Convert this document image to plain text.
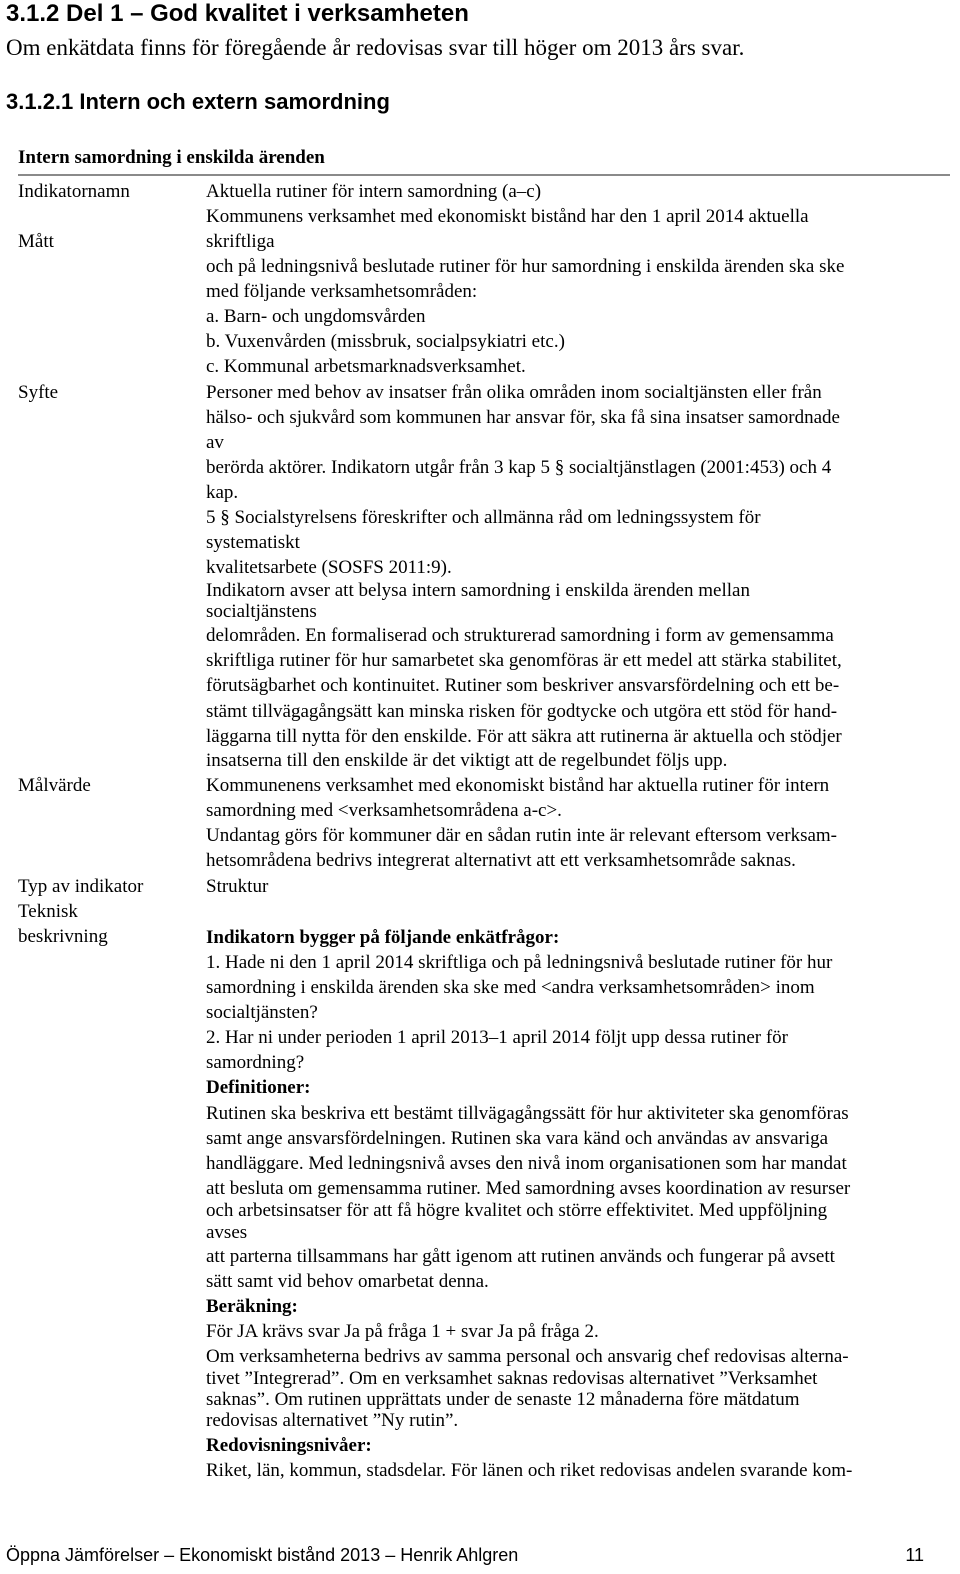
3.1.2 Del 1 – God kvalitet i verksamheten
Om enkätdata finns för föregående år redovisas svar till höger om 2013 års svar.
3.1.2.1 Intern och extern samordning
Intern samordning i enskilda ärenden
Indikatornamn
Mått
Syfte
Målvärde
Typ av indikator
Teknisk
beskrivning
Aktuella rutiner för intern samordning (a–c)
Kommunens verksamhet med ekonomiskt bistånd har den 1 april 2014 aktuella
skriftliga
och på ledningsnivå beslutade rutiner för hur samordning i enskilda ärenden ska ske
med följande verksamhetsområden:
a. Barn- och ungdomsvården
b. Vuxenvården (missbruk, socialpsykiatri etc.)
c. Kommunal arbetsmarknadsverksamhet.
Personer med behov av insatser från olika områden inom socialtjänsten eller från
hälso- och sjukvård som kommunen har ansvar för, ska få sina insatser samordnade
av
berörda aktörer. Indikatorn utgår från 3 kap 5 § socialtjänstlagen (2001:453) och 4
kap.
5 § Socialstyrelsens föreskrifter och allmänna råd om ledningssystem för
systematiskt
kvalitetsarbete (SOSFS 2011:9).
Indikatorn avser att belysa intern samordning i enskilda ärenden mellan
socialtjänstens
delområden. En formaliserad och strukturerad samordning i form av gemensamma
skriftliga rutiner för hur samarbetet ska genomföras är ett medel att stärka stabilitet,
förutsägbarhet och kontinuitet. Rutiner som beskriver ansvarsfördelning och ett be-
stämt tillvägagångsätt kan minska risken för godtycke och utgöra ett stöd för hand-
läggarna till nytta för den enskilde. För att säkra att rutinerna är aktuella och stödjer
insatserna till den enskilde är det viktigt att de regelbundet följs upp.
Kommunenens verksamhet med ekonomiskt bistånd har aktuella rutiner för intern
samordning med <verksamhetsområdena a-c>.
Undantag görs för kommuner där en sådan rutin inte är relevant eftersom verksam-
hetsområdena bedrivs integrerat alternativt att ett verksamhetsområde saknas.
Struktur
Indikatorn bygger på följande enkätfrågor:
1. Hade ni den 1 april 2014 skriftliga och på ledningsnivå beslutade rutiner för hur
samordning i enskilda ärenden ska ske med <andra verksamhetsområden> inom
socialtjänsten?
2. Har ni under perioden 1 april 2013–1 april 2014 följt upp dessa rutiner för
samordning?
Definitioner:
Rutinen ska beskriva ett bestämt tillvägagångssätt för hur aktiviteter ska genomföras
samt ange ansvarsfördelningen. Rutinen ska vara känd och användas av ansvariga
handläggare. Med ledningsnivå avses den nivå inom organisationen som har mandat
att besluta om gemensamma rutiner. Med samordning avses koordination av resurser
och arbetsinsatser för att få högre kvalitet och större effektivitet. Med uppföljning
avses
att parterna tillsammans har gått igenom att rutinen används och fungerar på avsett
sätt samt vid behov omarbetat denna.
Beräkning:
För JA krävs svar Ja på fråga 1 + svar Ja på fråga 2.
Om verksamheterna bedrivs av samma personal och ansvarig chef redovisas alterna-
tivet ”Integrerad”. Om en verksamhet saknas redovisas alternativet ”Verksamhet
saknas”. Om rutinen upprättats under de senaste 12 månaderna före mätdatum
redovisas alternativet ”Ny rutin”.
Redovisningsnivåer:
Riket, län, kommun, stadsdelar. För länen och riket redovisas andelen svarande kom-
Öppna Jämförelser – Ekonomiskt bistånd 2013 – Henrik Ahlgren	11
